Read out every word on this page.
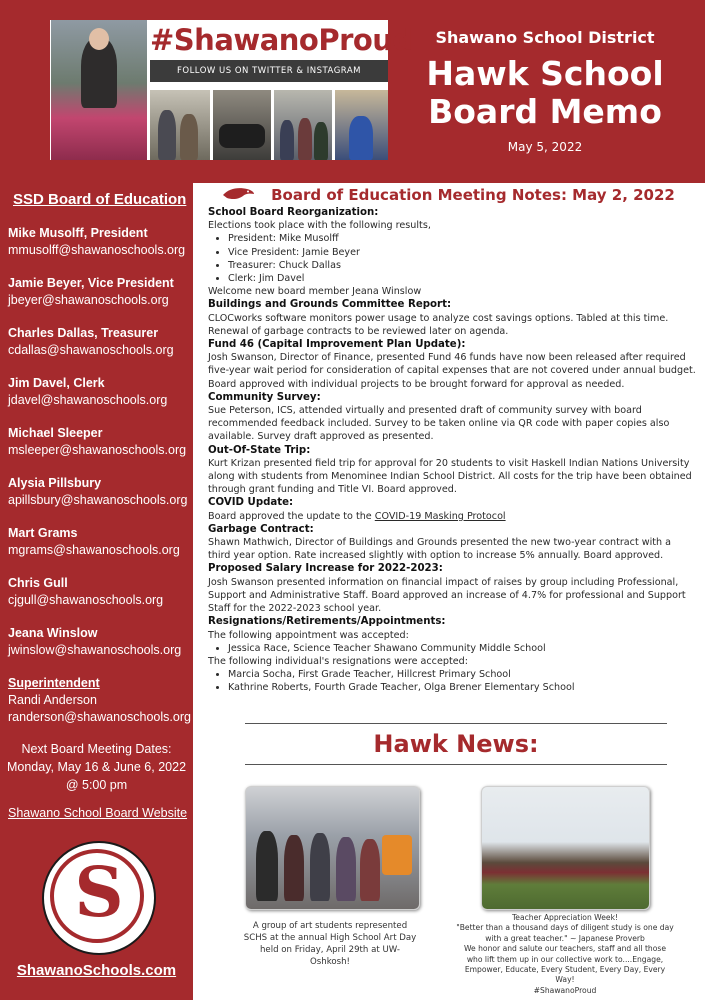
#ShawanoProud
FOLLOW US ON TWITTER & INSTAGRAM
Shawano School District
Hawk School
Board Memo
May 5, 2022
SSD Board of Education
Mike Musolff, President
mmusolff@shawanoschools.org
Jamie Beyer, Vice President
jbeyer@shawanoschools.org
Charles Dallas, Treasurer
cdallas@shawanoschools.org
Jim Davel, Clerk
jdavel@shawanoschools.org
Michael Sleeper
msleeper@shawanoschools.org
Alysia Pillsbury
apillsbury@shawanoschools.org
Mart Grams
mgrams@shawanoschools.org
Chris Gull
cjgull@shawanoschools.org
Jeana Winslow
jwinslow@shawanoschools.org
Superintendent
Randi Anderson
randerson@shawanoschools.org
Next Board Meeting Dates:
Monday, May 16 & June 6, 2022
@ 5:00 pm
Shawano School Board Website
S
ShawanoSchools.com
Board of Education Meeting Notes: May 2, 2022

School Board Reorganization:

Elections took place with the following results,

• President: Mike Musolff
• Vice President: Jamie Beyer
• Treasurer: Chuck Dallas
• Clerk: Jim Davel

Welcome new board member Jeana Winslow

Buildings and Grounds Committee Report:

CLOCworks software monitors power usage to analyze cost savings options. Tabled at this time. Renewal of garbage contracts to be reviewed later on agenda.

Fund 46 (Capital Improvement Plan Update):

Josh Swanson, Director of Finance, presented Fund 46 funds have now been released after required five-year wait period for consideration of capital expenses that are not covered under annual budget. Board approved with individual projects to be brought forward for approval as needed.

Community Survey:

Sue Peterson, ICS, attended virtually and presented draft of community survey with board recommended feedback included. Survey to be taken online via QR code with paper copies also available. Survey draft approved as presented.

Out-Of-State Trip:

Kurt Krizan presented field trip for approval for 20 students to visit Haskell Indian Nations University along with students from Menominee Indian School District. All costs for the trip have been obtained through grant funding and Title VI. Board approved.

COVID Update:

Board approved the update to the COVID-19 Masking Protocol

Garbage Contract:

Shawn Mathwich, Director of Buildings and Grounds presented the new two-year contract with a third year option. Rate increased slightly with option to increase 5% annually. Board approved.

Proposed Salary Increase for 2022-2023:

Josh Swanson presented information on financial impact of raises by group including Professional, Support and Administrative Staff. Board approved an increase of 4.7% for professional and Support Staff for the 2022-2023 school year.

Resignations/Retirements/Appointments:

The following appointment was accepted:

• Jessica Race, Science Teacher Shawano Community Middle School

The following individual's resignations were accepted:

• Marcia Socha, First Grade Teacher, Hillcrest Primary School
• Kathrine Roberts, Fourth Grade Teacher, Olga Brener Elementary School
Hawk News:
A group of art students represented SCHS at the annual High School Art Day held on Friday, April 29th at UW-Oshkosh!
Teacher Appreciation Week!
"Better than a thousand days of diligent study is one day with a great teacher." ~ Japanese Proverb
We honor and salute our teachers, staff and all those who lift them up in our collective work to....Engage, Empower, Educate, Every Student, Every Day, Every Way!
#ShawanoProud
